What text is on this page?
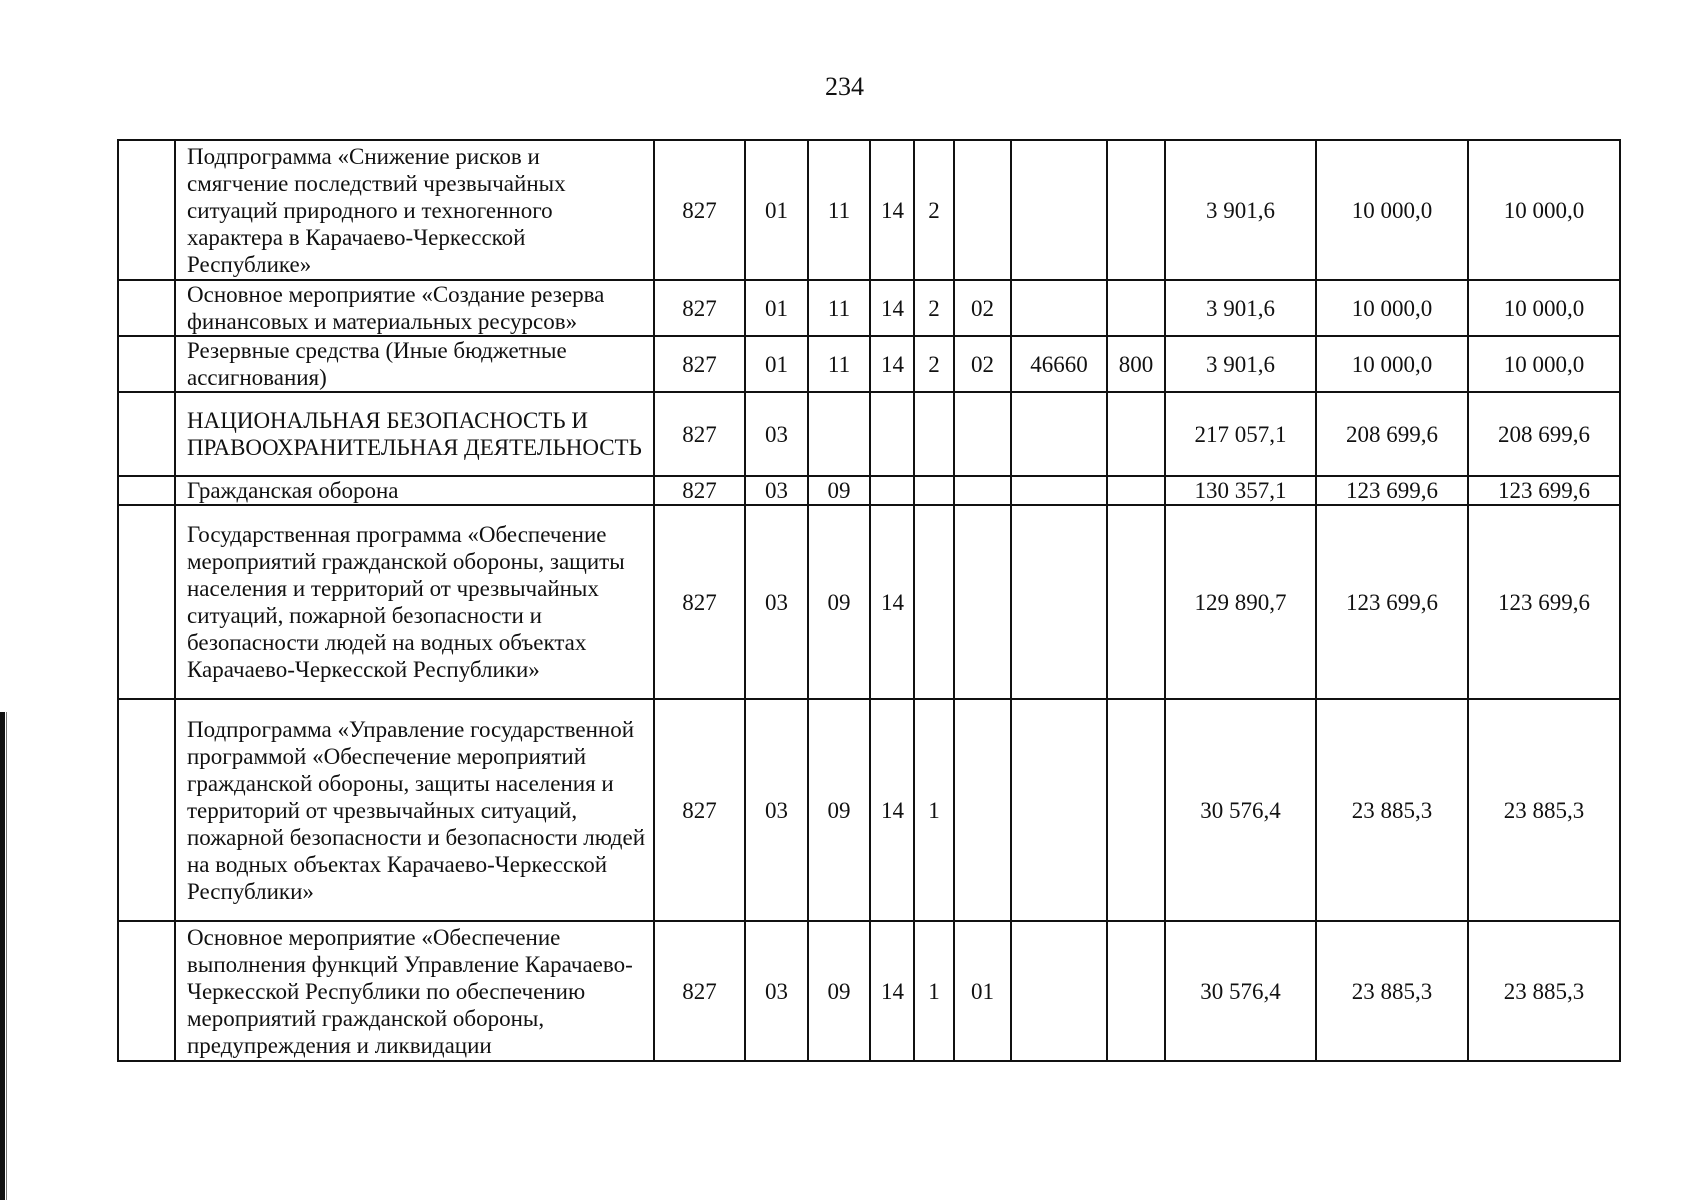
234
	Подпрограмма «Снижение рисков и смягчение последствий чрезвычайных ситуаций природного и техногенного характера в Карачаево-Черкесской Республике»	827	01	11	14	2				3 901,6	10 000,0	10 000,0
	Основное мероприятие «Создание резерва финансовых и материальных ресурсов»	827	01	11	14	2	02			3 901,6	10 000,0	10 000,0
	Резервные средства (Иные бюджетные ассигнования)	827	01	11	14	2	02	46660	800	3 901,6	10 000,0	10 000,0
	НАЦИОНАЛЬНАЯ БЕЗОПАСНОСТЬ И ПРАВООХРАНИТЕЛЬНАЯ ДЕЯТЕЛЬНОСТЬ	827	03							217 057,1	208 699,6	208 699,6
	Гражданская оборона	827	03	09						130 357,1	123 699,6	123 699,6
	Государственная программа «Обеспечение мероприятий гражданской обороны, защиты населения и территорий от чрезвычайных ситуаций, пожарной безопасности и безопасности людей на водных объектах Карачаево-Черкесской Республики»	827	03	09	14					129 890,7	123 699,6	123 699,6
	Подпрограмма «Управление государственной программой «Обеспечение мероприятий гражданской обороны, защиты населения и территорий от чрезвычайных ситуаций, пожарной безопасности и безопасности людей на водных объектах Карачаево-Черкесской Республики»	827	03	09	14	1				30 576,4	23 885,3	23 885,3
	Основное мероприятие «Обеспечение выполнения функций Управление Карачаево-Черкесской Республики по обеспечению мероприятий гражданской обороны, предупреждения и ликвидации	827	03	09	14	1	01			30 576,4	23 885,3	23 885,3
